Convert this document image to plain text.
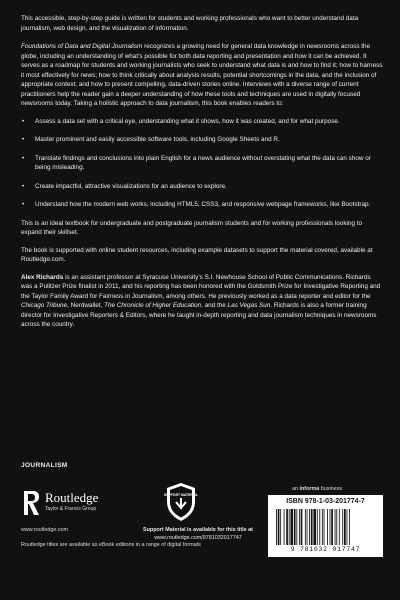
This accessible, step-by-step guide is written for students and working professionals who want to better understand data journalism, web design, and the visualization of information.

Foundations of Data and Digital Journalism recognizes a growing need for general data knowledge in newsrooms across the globe, including an understanding of what’s possible for both data reporting and presentation and how it can be achieved. It serves as a roadmap for students and working journalists who seek to understand what data is and how to find it; how to harness it most effectively for news; how to think critically about analysis results, potential shortcomings in the data, and the inclusion of appropriate context; and how to present compelling, data-driven stories online. Interviews with a diverse range of current practitioners help the reader gain a deeper understanding of how these tools and techniques are used in digitally focused newsrooms today. Taking a holistic approach to data journalism, this book enables readers to:

• Assess a data set with a critical eye, understanding what it shows, how it was created, and for what purpose.
• Master prominent and easily accessible software tools, including Google Sheets and R.
• Translate findings and conclusions into plain English for a news audience without overstating what the data can show or being misleading.
• Create impactful, attractive visualizations for an audience to explore.
• Understand how the modern web works, including HTML5, CSS3, and responsive webpage frameworks, like Bootstrap.

This is an ideal textbook for undergraduate and postgraduate journalism students and for working professionals looking to expand their skillset.

The book is supported with online student resources, including example datasets to support the material covered, available at Routledge.com.

Alex Richards is an assistant professor at Syracuse University’s S.I. Newhouse School of Public Communications. Richards was a Pulitzer Prize finalist in 2011, and his reporting has been honored with the Goldsmith Prize for Investigative Reporting and the Taylor Family Award for Fairness in Journalism, among others. He previously worked as a data reporter and editor for the Chicago Tribune, Nerdwallet, The Chronicle of Higher Education, and the Las Vegas Sun. Richards is also a former training director for Investigative Reporters & Editors, where he taught in-depth reporting and data journalism techniques in newsrooms across the country.

JOURNALISM
Routledge
Taylor & Francis Group
www.routledge.com
Routledge titles are available as eBook editions in a range of digital formats
SUPPORT MATERIAL
Support Material is available for this title at
www.routledge.com/9781032017747
an informa business
ISBN 978-1-03-201774-7
9 781032 017747
